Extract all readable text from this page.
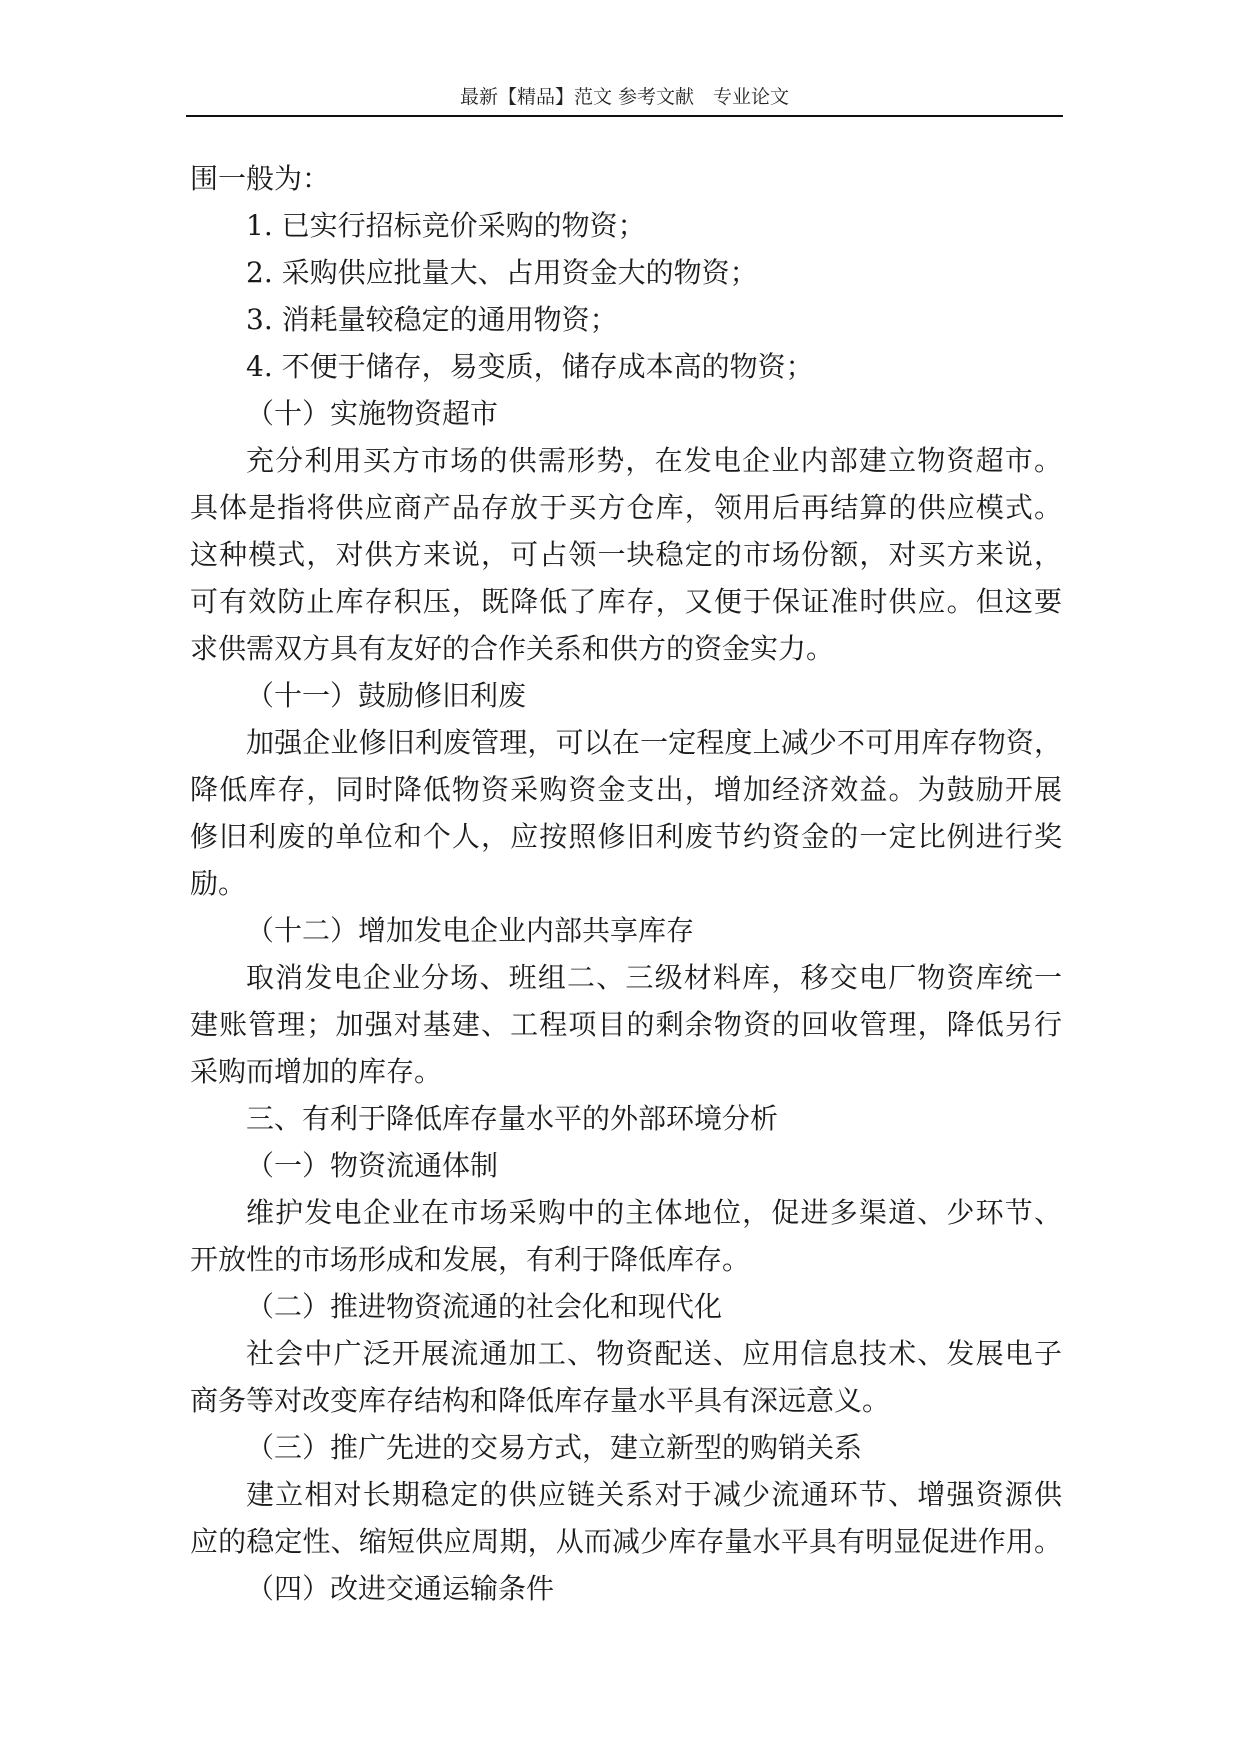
最新【精品】范文 参考文献　专业论文
围一般为：
1. 已实行招标竞价采购的物资；
2. 采购供应批量大、占用资金大的物资；
3. 消耗量较稳定的通用物资；
4. 不便于储存，易变质，储存成本高的物资；
（十）实施物资超市
充分利用买方市场的供需形势，在发电企业内部建立物资超市。
具体是指将供应商产品存放于买方仓库，领用后再结算的供应模式。
这种模式，对供方来说，可占领一块稳定的市场份额，对买方来说，
可有效防止库存积压，既降低了库存，又便于保证准时供应。但这要
求供需双方具有友好的合作关系和供方的资金实力。
（十一）鼓励修旧利废
加强企业修旧利废管理，可以在一定程度上减少不可用库存物资，
降低库存，同时降低物资采购资金支出，增加经济效益。为鼓励开展
修旧利废的单位和个人，应按照修旧利废节约资金的一定比例进行奖
励。
（十二）增加发电企业内部共享库存
取消发电企业分场、班组二、三级材料库，移交电厂物资库统一
建账管理；加强对基建、工程项目的剩余物资的回收管理，降低另行
采购而增加的库存。
三、有利于降低库存量水平的外部环境分析
（一）物资流通体制
维护发电企业在市场采购中的主体地位，促进多渠道、少环节、
开放性的市场形成和发展，有利于降低库存。
（二）推进物资流通的社会化和现代化
社会中广泛开展流通加工、物资配送、应用信息技术、发展电子
商务等对改变库存结构和降低库存量水平具有深远意义。
（三）推广先进的交易方式，建立新型的购销关系
建立相对长期稳定的供应链关系对于减少流通环节、增强资源供
应的稳定性、缩短供应周期，从而减少库存量水平具有明显促进作用。
（四）改进交通运输条件
